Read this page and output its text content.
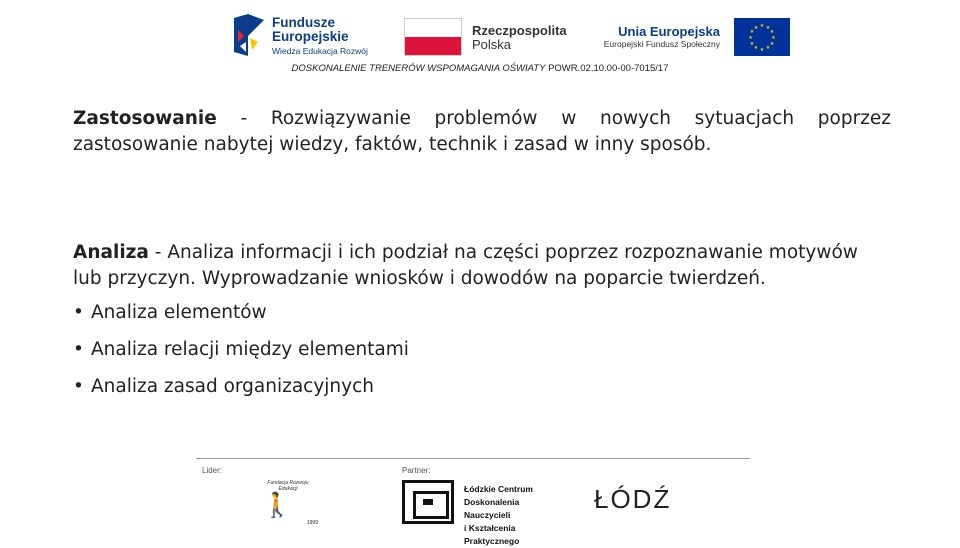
Fundusze
Europejskie
Wiedza Edukacja Rozwój
Rzeczpospolita
Polska
Unia Europejska
Europejski Fundusz Społeczny
★ ★
★
★
★
★
★
★
★
★
★
★
DOSKONALENIE TRENERÓW WSPOMAGANIA OŚWIATY POWR.02.10.00-00-7015/17
Zastosowanie - Rozwiązywanie problemów w nowych sytuacjach poprzez zastosowanie nabytej wiedzy, faktów, technik i zasad w inny sposób.
Analiza - Analiza informacji i ich podział na części poprzez rozpoznawanie motywów lub przyczyn. Wyprowadzanie wniosków i dowodów na poparcie twierdzeń.
• Analiza elementów
• Analiza relacji między elementami
• Analiza zasad organizacyjnych
Lider:	Partner:
Fundacja Rozwoju Edukacji
🚶
1999
Łódzkie Centrum
Doskonalenia Nauczycieli
i Kształcenia Praktycznego
ŁÓDŹ
